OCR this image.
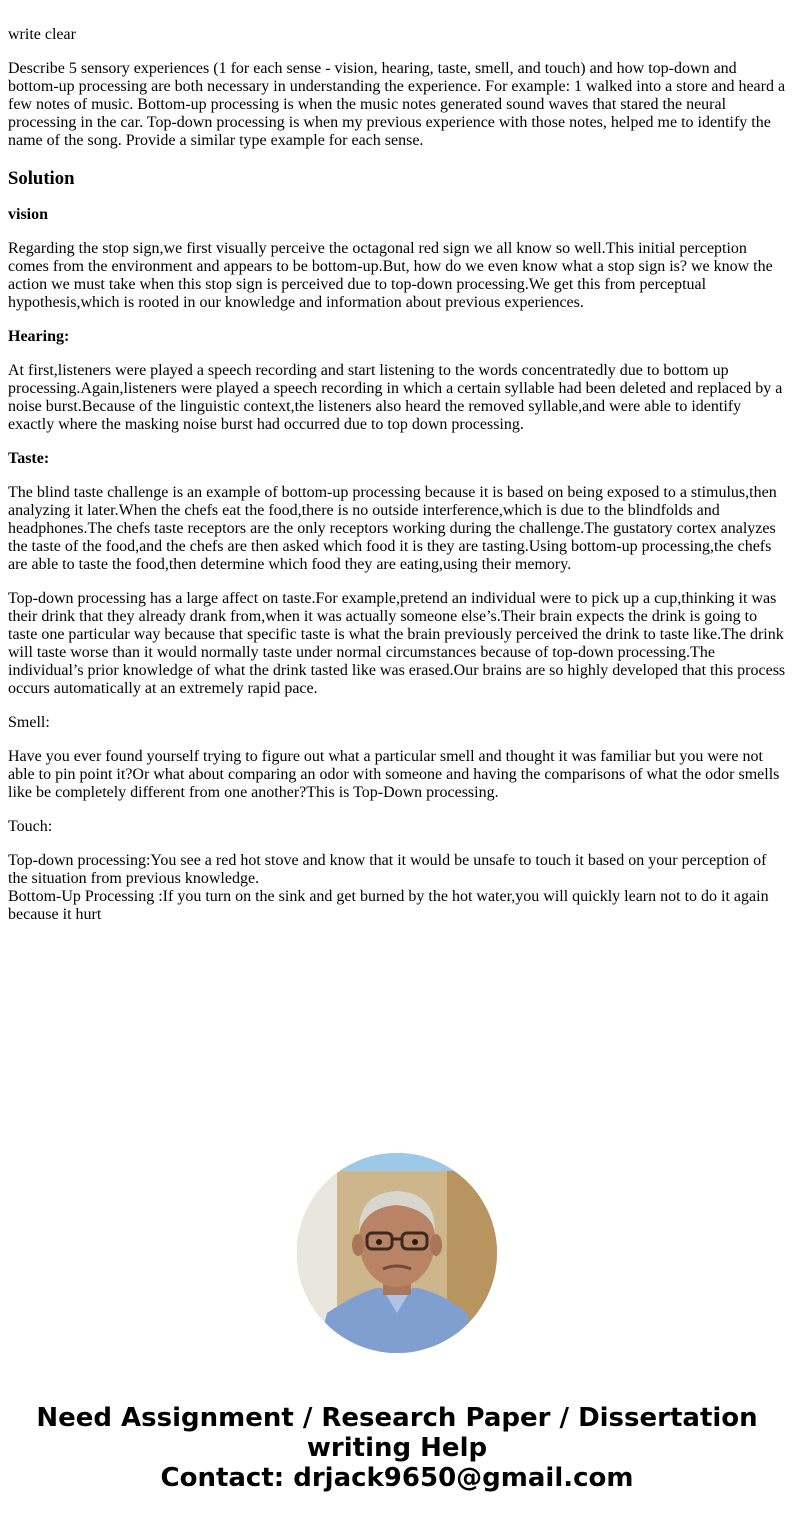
write clear

Describe 5 sensory experiences (1 for each sense - vision, hearing, taste, smell, and touch) and how top-down and bottom-up processing are both necessary in understanding the experience. For example: 1 walked into a store and heard a few notes of music. Bottom-up processing is when the music notes generated sound waves that stared the neural processing in the car. Top-down processing is when my previous experience with those notes, helped me to identify the name of the song. Provide a similar type example for each sense.

Solution

vision

Regarding the stop sign,we first visually perceive the octagonal red sign we all know so well.This initial perception comes from the environment and appears to be bottom-up.But, how do we even know what a stop sign is? we know the action we must take when this stop sign is perceived due to top-down processing.We get this from perceptual hypothesis,which is rooted in our knowledge and information about previous experiences.

Hearing:

At first,listeners were played a speech recording and start listening to the words concentratedly due to bottom up processing.Again,listeners were played a speech recording in which a certain syllable had been deleted and replaced by a noise burst.Because of the linguistic context,the listeners also heard the removed syllable,and were able to identify exactly where the masking noise burst had occurred due to top down processing.

Taste:

The blind taste challenge is an example of bottom-up processing because it is based on being exposed to a stimulus,then analyzing it later.When the chefs eat the food,there is no outside interference,which is due to the blindfolds and headphones.The chefs taste receptors are the only receptors working during the challenge.The gustatory cortex analyzes the taste of the food,and the chefs are then asked which food it is they are tasting.Using bottom-up processing,the chefs are able to taste the food,then determine which food they are eating,using their memory.

Top-down processing has a large affect on taste.For example,pretend an individual were to pick up a cup,thinking it was their drink that they already drank from,when it was actually someone else’s.Their brain expects the drink is going to taste one particular way because that specific taste is what the brain previously perceived the drink to taste like.The drink will taste worse than it would normally taste under normal circumstances because of top-down processing.The individual’s prior knowledge of what the drink tasted like was erased.Our brains are so highly developed that this process occurs automatically at an extremely rapid pace.

Smell:

Have you ever found yourself trying to figure out what a particular smell and thought it was familiar but you were not able to pin point it?Or what about comparing an odor with someone and having the comparisons of what the odor smells like be completely different from one another?This is Top-Down processing.

Touch:

Top-down processing:You see a red hot stove and know that it would be unsafe to touch it based on your perception of the situation from previous knowledge.
Bottom-Up Processing :If you turn on the sink and get burned by the hot water,you will quickly learn not to do it again because it hurt

Need Assignment / Research Paper / Dissertation
writing Help
Contact: drjack9650@gmail.com
